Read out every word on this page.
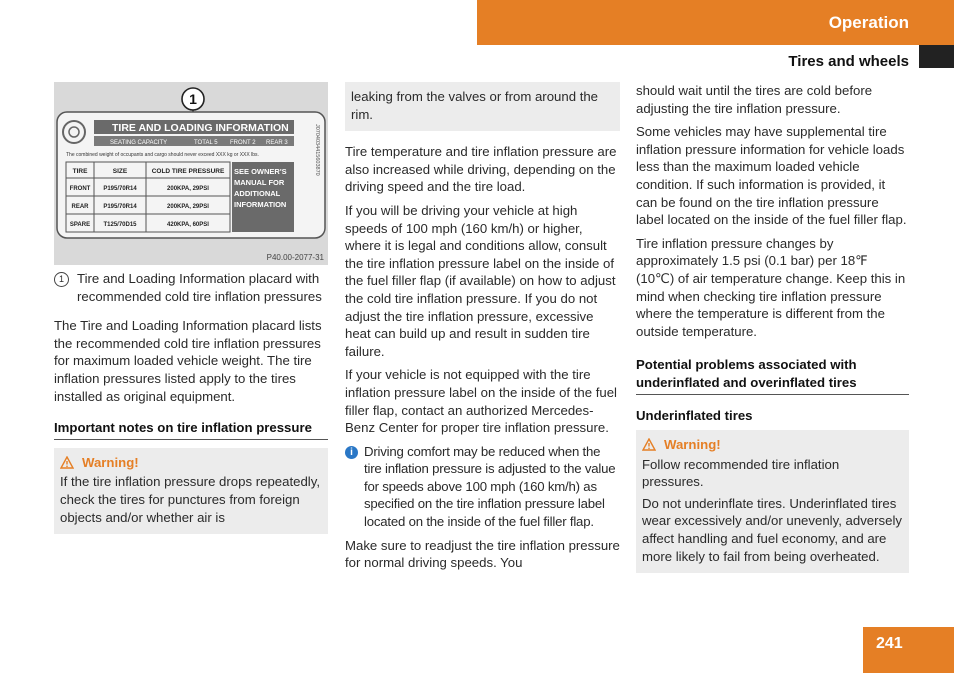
Operation
Tires and wheels
1
TIRE AND LOADING INFORMATION
SEATING CAPACITY	TOTAL 5 FRONT 2 REAR 3
The combined weight of occupants and cargo should never exceed XXX kg or XXX lbs.
TIRE	SIZE	COLD TIRE PRESSURE
FRONT P195/70R14	200KPA, 29PSI
REAR P195/70R14	200KPA, 29PSI
SPARE T125/70D15	420KPA, 60PSI
SEE OWNER'S MANUAL FOR ADDITIONAL INFORMATION
J0704034415603870
P40.00-2077-31
1 Tire and Loading Information placard with recommended cold tire inflation pressures

The Tire and Loading Information placard lists the recommended cold tire inflation pressures for maximum loaded vehicle weight. The tire inflation pressures listed apply to the tires installed as original equipment.

Important notes on tire inflation pressure
Warning!

If the tire inflation pressure drops repeatedly, check the tires for punctures from foreign objects and/or whether air is

leaking from the valves or from around the rim.

Tire temperature and tire inflation pressure are also increased while driving, depending on the driving speed and the tire load.

If you will be driving your vehicle at high speeds of 100 mph (160 km/h) or higher, where it is legal and conditions allow, consult the tire inflation pressure label on the inside of the fuel filler flap (if available) on how to adjust the cold tire inflation pressure. If you do not adjust the tire inflation pressure, excessive heat can build up and result in sudden tire failure.

If your vehicle is not equipped with the tire inflation pressure label on the inside of the fuel filler flap, contact an authorized Mercedes-Benz Center for proper tire inflation pressure.

i Driving comfort may be reduced when the tire inflation pressure is adjusted to the value for speeds above 100 mph (160 km/h) as specified on the tire inflation pressure label located on the inside of the fuel filler flap.

Make sure to readjust the tire inflation pressure for normal driving speeds. You

should wait until the tires are cold before adjusting the tire inflation pressure.

Some vehicles may have supplemental tire inflation pressure information for vehicle loads less than the maximum loaded vehicle condition. If such information is provided, it can be found on the tire inflation pressure label located on the inside of the fuel filler flap.

Tire inflation pressure changes by approximately 1.5 psi (0.1 bar) per 18℉ (10℃) of air temperature change. Keep this in mind when checking tire inflation pressure where the temperature is different from the outside temperature.

Potential problems associated with underinflated and overinflated tires
Underinflated tires
Warning!

Follow recommended tire inflation pressures.

Do not underinflate tires. Underinflated tires wear excessively and/or unevenly, adversely affect handling and fuel economy, and are more likely to fail from being overheated.

241
